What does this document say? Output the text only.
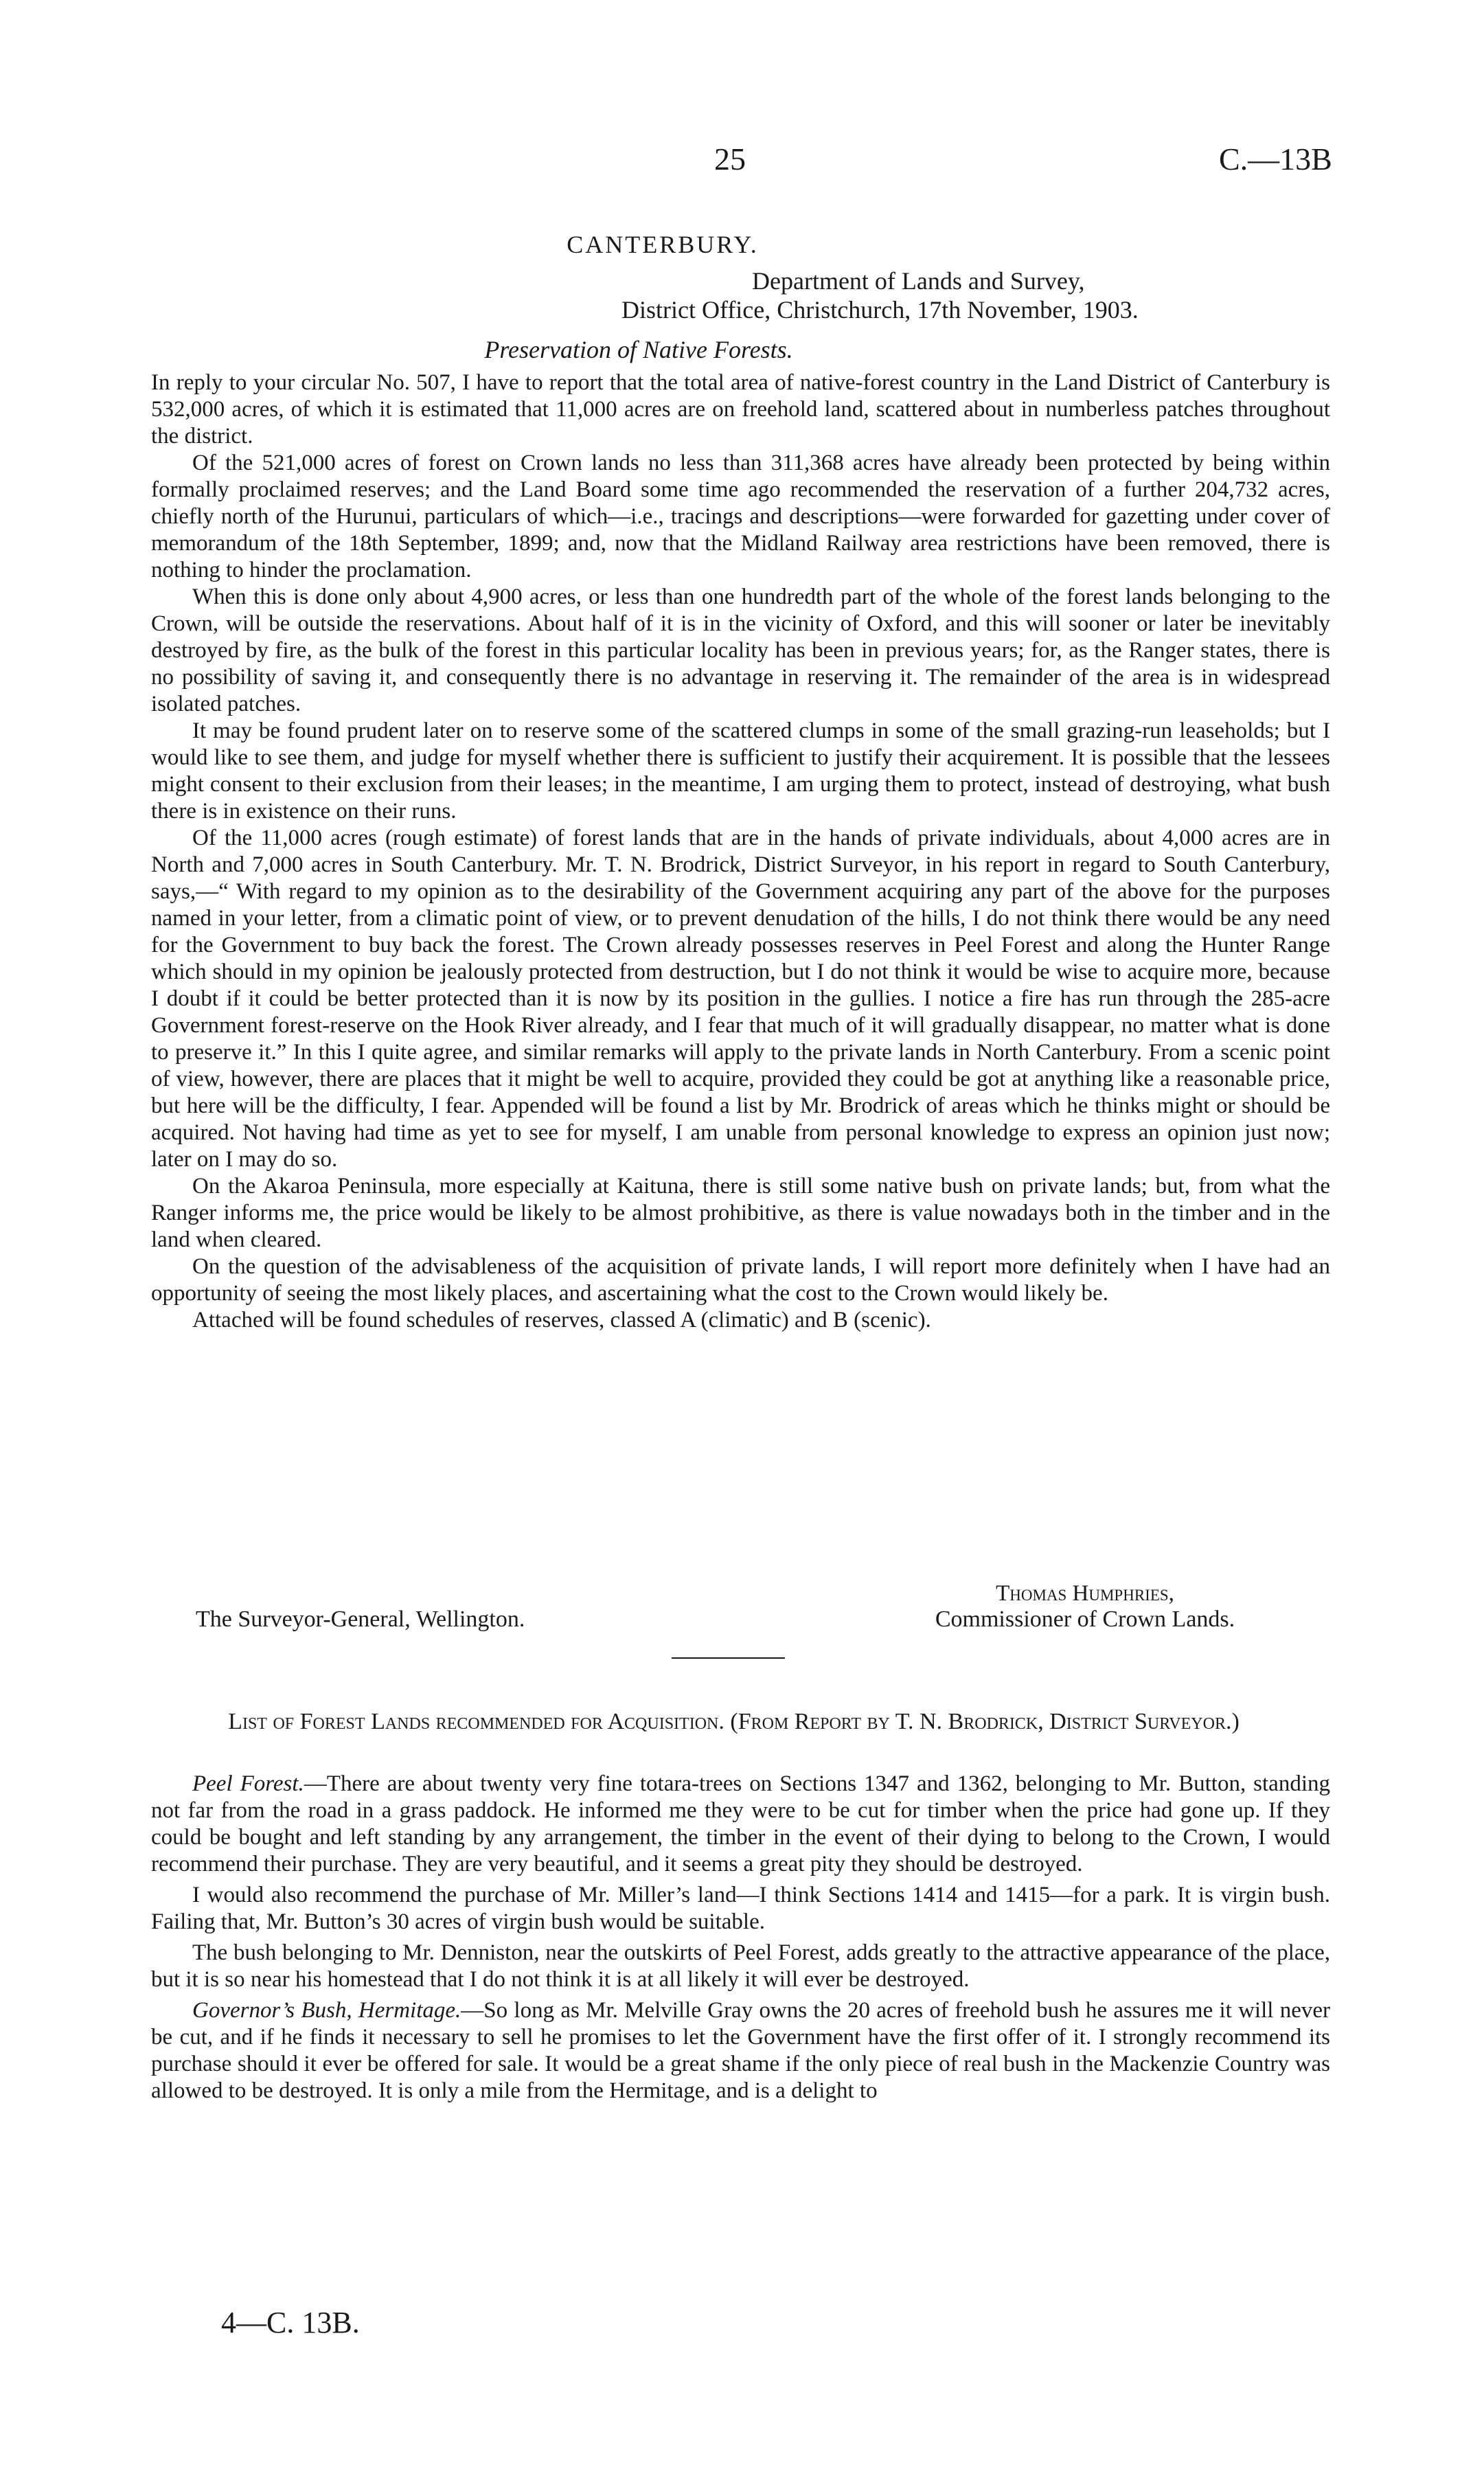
25	C.—13B
CANTERBURY.
Department of Lands and Survey,
District Office, Christchurch, 17th November, 1903.
Preservation of Native Forests.

In reply to your circular No. 507, I have to report that the total area of native-forest country in the Land District of Canterbury is 532,000 acres, of which it is estimated that 11,000 acres are on freehold land, scattered about in numberless patches throughout the district.

Of the 521,000 acres of forest on Crown lands no less than 311,368 acres have already been protected by being within formally proclaimed reserves; and the Land Board some time ago recommended the reservation of a further 204,732 acres, chiefly north of the Hurunui, particulars of which—i.e., tracings and descriptions—were forwarded for gazetting under cover of memorandum of the 18th September, 1899; and, now that the Midland Railway area restrictions have been removed, there is nothing to hinder the proclamation.

When this is done only about 4,900 acres, or less than one hundredth part of the whole of the forest lands belonging to the Crown, will be outside the reservations. About half of it is in the vicinity of Oxford, and this will sooner or later be inevitably destroyed by fire, as the bulk of the forest in this particular locality has been in previous years; for, as the Ranger states, there is no possibility of saving it, and consequently there is no advantage in reserving it. The remainder of the area is in widespread isolated patches.

It may be found prudent later on to reserve some of the scattered clumps in some of the small grazing-run leaseholds; but I would like to see them, and judge for myself whether there is sufficient to justify their acquirement. It is possible that the lessees might consent to their exclusion from their leases; in the meantime, I am urging them to protect, instead of destroying, what bush there is in existence on their runs.

Of the 11,000 acres (rough estimate) of forest lands that are in the hands of private individuals, about 4,000 acres are in North and 7,000 acres in South Canterbury. Mr. T. N. Brodrick, District Surveyor, in his report in regard to South Canterbury, says,—“ With regard to my opinion as to the desirability of the Government acquiring any part of the above for the purposes named in your letter, from a climatic point of view, or to prevent denudation of the hills, I do not think there would be any need for the Government to buy back the forest. The Crown already possesses reserves in Peel Forest and along the Hunter Range which should in my opinion be jealously protected from destruction, but I do not think it would be wise to acquire more, because I doubt if it could be better protected than it is now by its position in the gullies. I notice a fire has run through the 285-acre Government forest-reserve on the Hook River already, and I fear that much of it will gradually disappear, no matter what is done to preserve it.” In this I quite agree, and similar remarks will apply to the private lands in North Canterbury. From a scenic point of view, however, there are places that it might be well to acquire, provided they could be got at anything like a reasonable price, but here will be the difficulty, I fear. Appended will be found a list by Mr. Brodrick of areas which he thinks might or should be acquired. Not having had time as yet to see for myself, I am unable from personal knowledge to express an opinion just now; later on I may do so.

On the Akaroa Peninsula, more especially at Kaituna, there is still some native bush on private lands; but, from what the Ranger informs me, the price would be likely to be almost prohibitive, as there is value nowadays both in the timber and in the land when cleared.

On the question of the advisableness of the acquisition of private lands, I will report more definitely when I have had an opportunity of seeing the most likely places, and ascertaining what the cost to the Crown would likely be.

Attached will be found schedules of reserves, classed A (climatic) and B (scenic).

Thomas Humphries,
The Surveyor-General, Wellington.	Commissioner of Crown Lands.
List of Forest Lands recommended for Acquisition. (From Report by T. N. Brodrick, District Surveyor.)

Peel Forest.—There are about twenty very fine totara-trees on Sections 1347 and 1362, belonging to Mr. Button, standing not far from the road in a grass paddock. He informed me they were to be cut for timber when the price had gone up. If they could be bought and left standing by any arrangement, the timber in the event of their dying to belong to the Crown, I would recommend their purchase. They are very beautiful, and it seems a great pity they should be destroyed.

I would also recommend the purchase of Mr. Miller’s land—I think Sections 1414 and 1415—for a park. It is virgin bush. Failing that, Mr. Button’s 30 acres of virgin bush would be suitable.

The bush belonging to Mr. Denniston, near the outskirts of Peel Forest, adds greatly to the attractive appearance of the place, but it is so near his homestead that I do not think it is at all likely it will ever be destroyed.

Governor’s Bush, Hermitage.—So long as Mr. Melville Gray owns the 20 acres of freehold bush he assures me it will never be cut, and if he finds it necessary to sell he promises to let the Government have the first offer of it. I strongly recommend its purchase should it ever be offered for sale. It would be a great shame if the only piece of real bush in the Mackenzie Country was allowed to be destroyed. It is only a mile from the Hermitage, and is a delight to

4—C. 13B.
